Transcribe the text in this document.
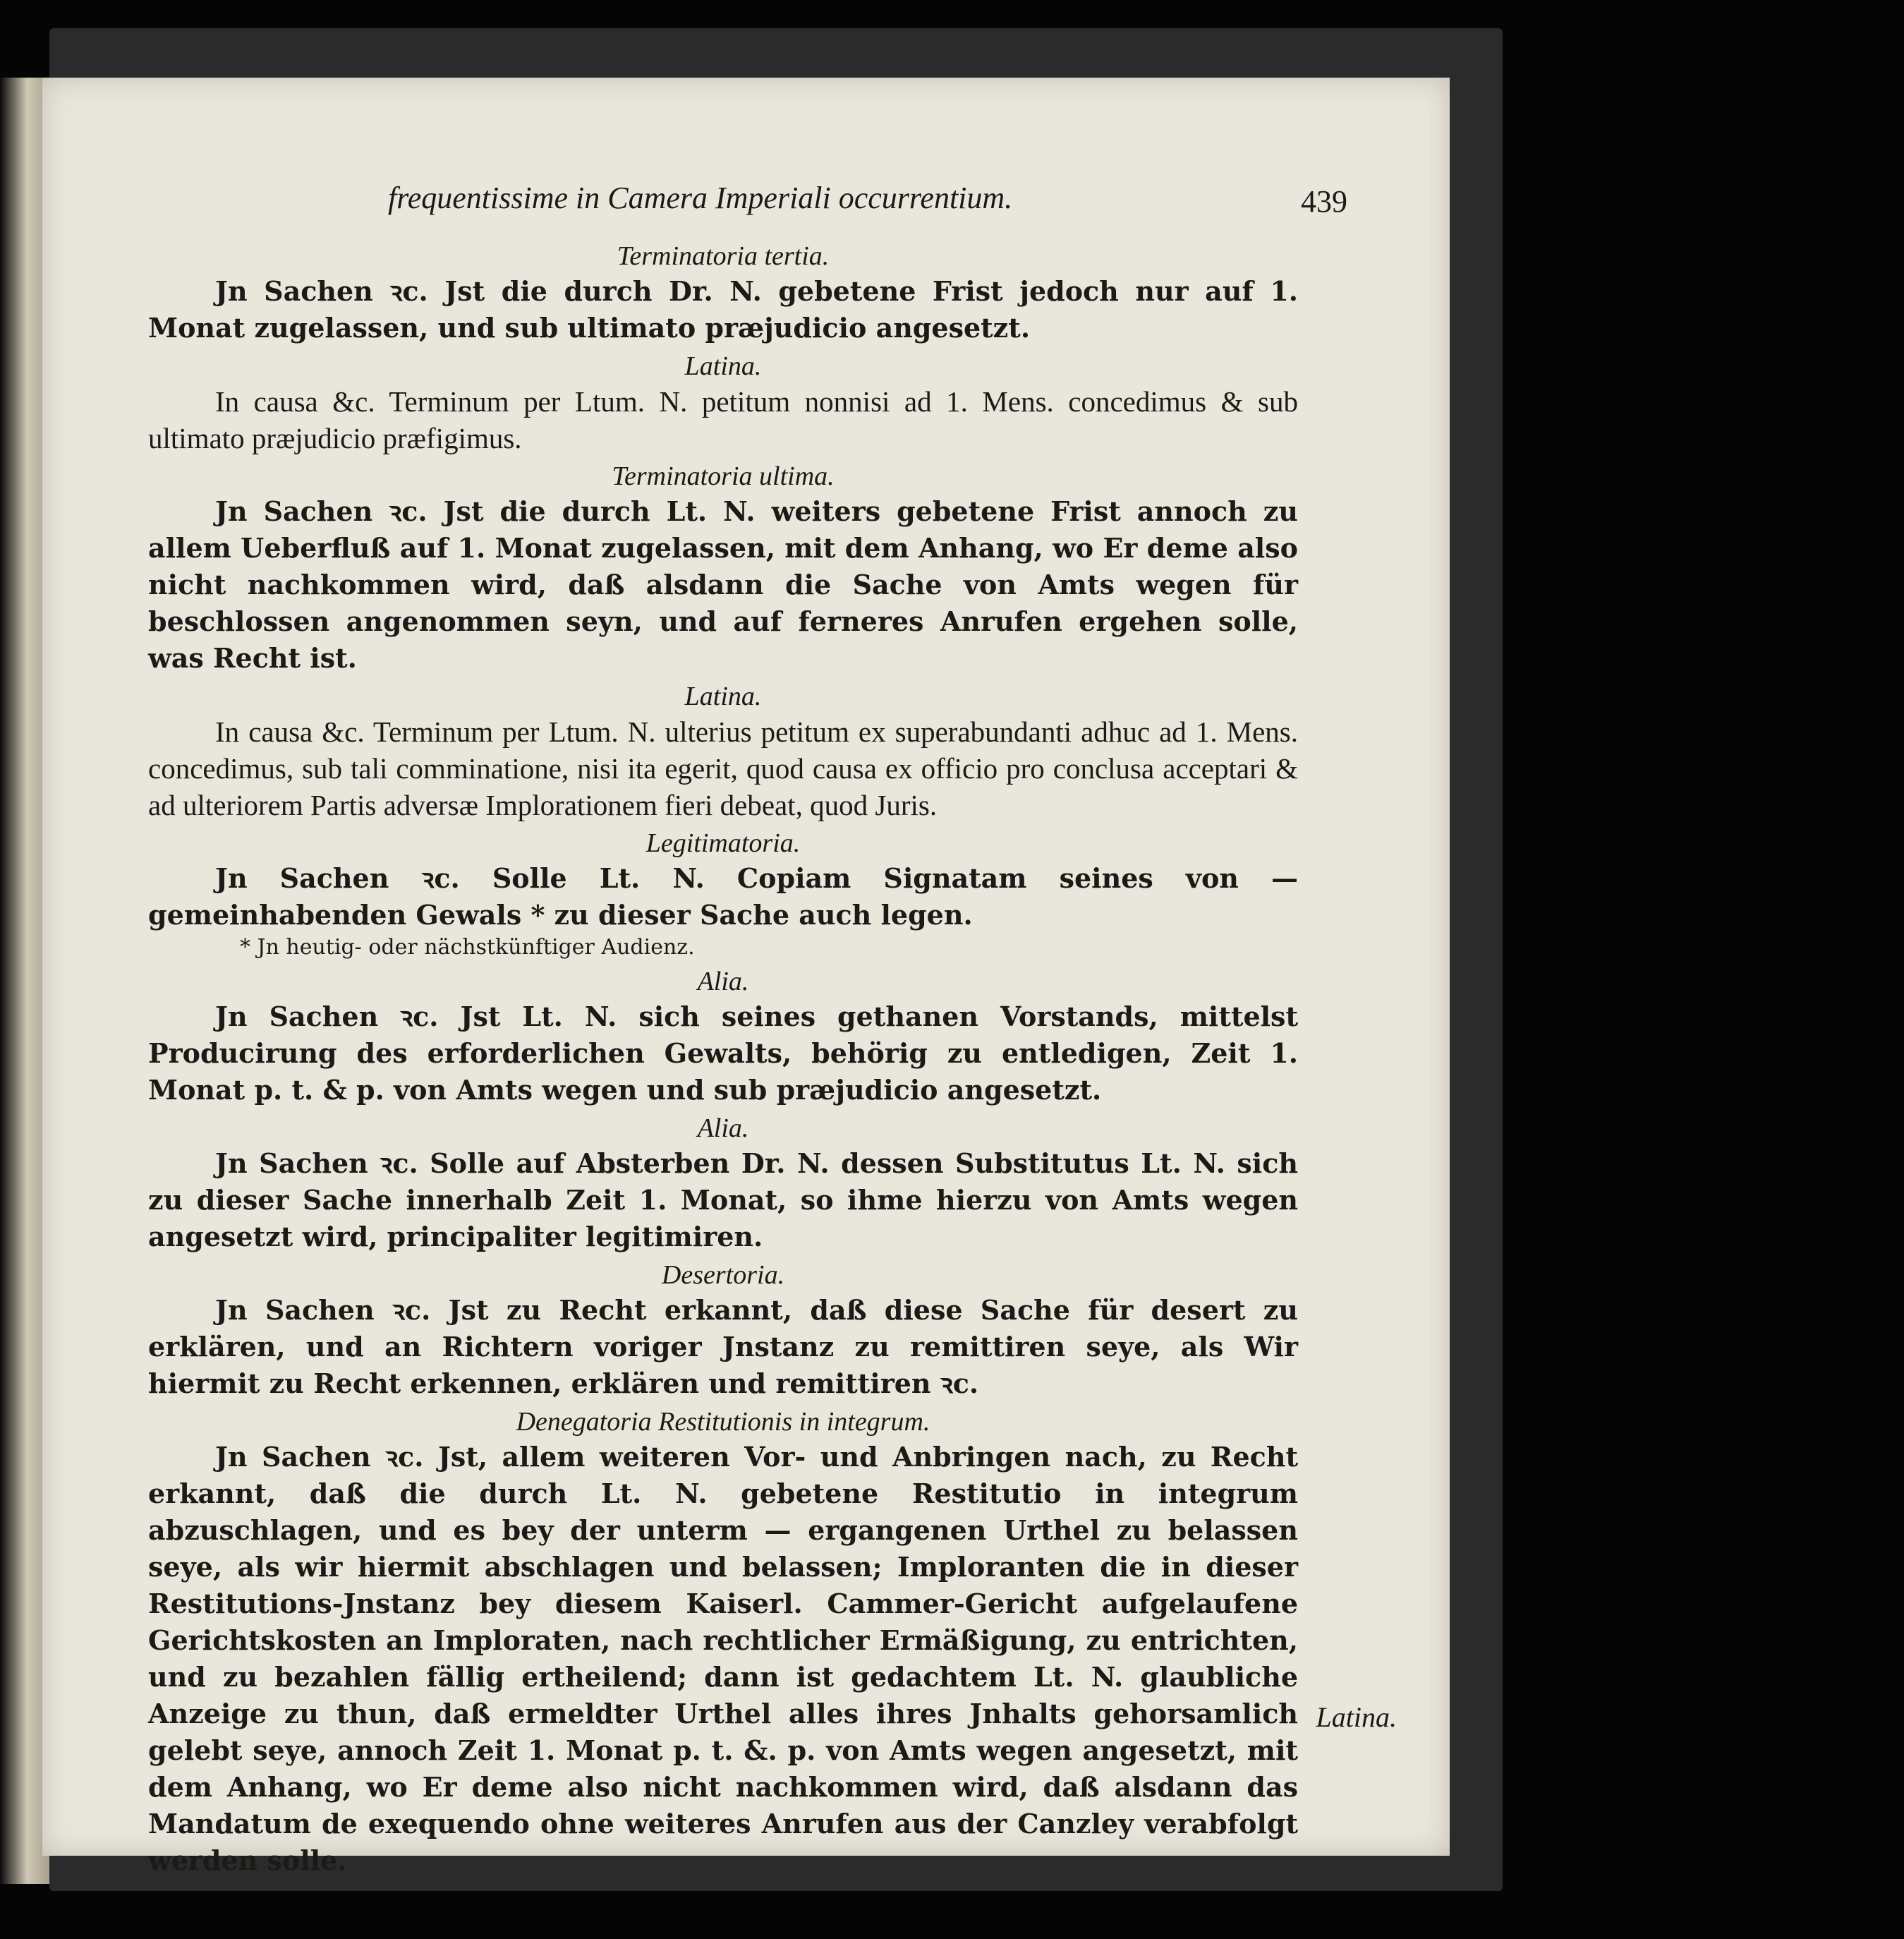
frequentissime in Camera Imperiali occurrentium.	439
Terminatoria tertia.

Jn Sachen ꝛc. Jst die durch Dr. N. gebetene Frist jedoch nur auf 1. Monat zugelassen, und sub ultimato præjudicio angesetzt.

Latina.

In causa &c. Terminum per Ltum. N. petitum nonnisi ad 1. Mens. concedimus & sub ultimato præjudicio præfigimus.

Terminatoria ultima.

Jn Sachen ꝛc. Jst die durch Lt. N. weiters gebetene Frist annoch zu allem Ueberfluß auf 1. Monat zugelassen, mit dem Anhang, wo Er deme also nicht nachkommen wird, daß alsdann die Sache von Amts wegen für beschlossen angenommen seyn, und auf ferneres Anrufen ergehen solle, was Recht ist.

Latina.

In causa &c. Terminum per Ltum. N. ulterius petitum ex superabundanti adhuc ad 1. Mens. concedimus, sub tali comminatione, nisi ita egerit, quod causa ex officio pro conclusa acceptari & ad ulteriorem Partis adversæ Implorationem fieri debeat, quod Juris.

Legitimatoria.

Jn Sachen ꝛc. Solle Lt. N. Copiam Signatam seines von — gemeinhabenden Gewals * zu dieser Sache auch legen.

* Jn heutig- oder nächstkünftiger Audienz.

Alia.

Jn Sachen ꝛc. Jst Lt. N. sich seines gethanen Vorstands, mittelst Producirung des erforderlichen Gewalts, behörig zu entledigen, Zeit 1. Monat p. t. & p. von Amts wegen und sub præjudicio angesetzt.

Alia.

Jn Sachen ꝛc. Solle auf Absterben Dr. N. dessen Substitutus Lt. N. sich zu dieser Sache innerhalb Zeit 1. Monat, so ihme hierzu von Amts wegen angesetzt wird, principaliter legitimiren.

Desertoria.

Jn Sachen ꝛc. Jst zu Recht erkannt, daß diese Sache für desert zu erklären, und an Richtern voriger Jnstanz zu remittiren seye, als Wir hiermit zu Recht erkennen, erklären und remittiren ꝛc.

Denegatoria Restitutionis in integrum.

Jn Sachen ꝛc. Jst, allem weiteren Vor- und Anbringen nach, zu Recht erkannt, daß die durch Lt. N. gebetene Restitutio in integrum abzuschlagen, und es bey der unterm — ergangenen Urthel zu belassen seye, als wir hiermit abschlagen und belassen; Imploranten die in dieser Restitutions-Jnstanz bey diesem Kaiserl. Cammer-Gericht aufgelaufene Gerichtskosten an Imploraten, nach rechtlicher Ermäßigung, zu entrichten, und zu bezahlen fällig ertheilend; dann ist gedachtem Lt. N. glaubliche Anzeige zu thun, daß ermeldter Urthel alles ihres Jnhalts gehorsamlich gelebt seye, annoch Zeit 1. Monat p. t. &. p. von Amts wegen angesetzt, mit dem Anhang, wo Er deme also nicht nachkommen wird, daß alsdann das Mandatum de exequendo ohne weiteres Anrufen aus der Canzley verabfolgt werden solle.

Latina.
